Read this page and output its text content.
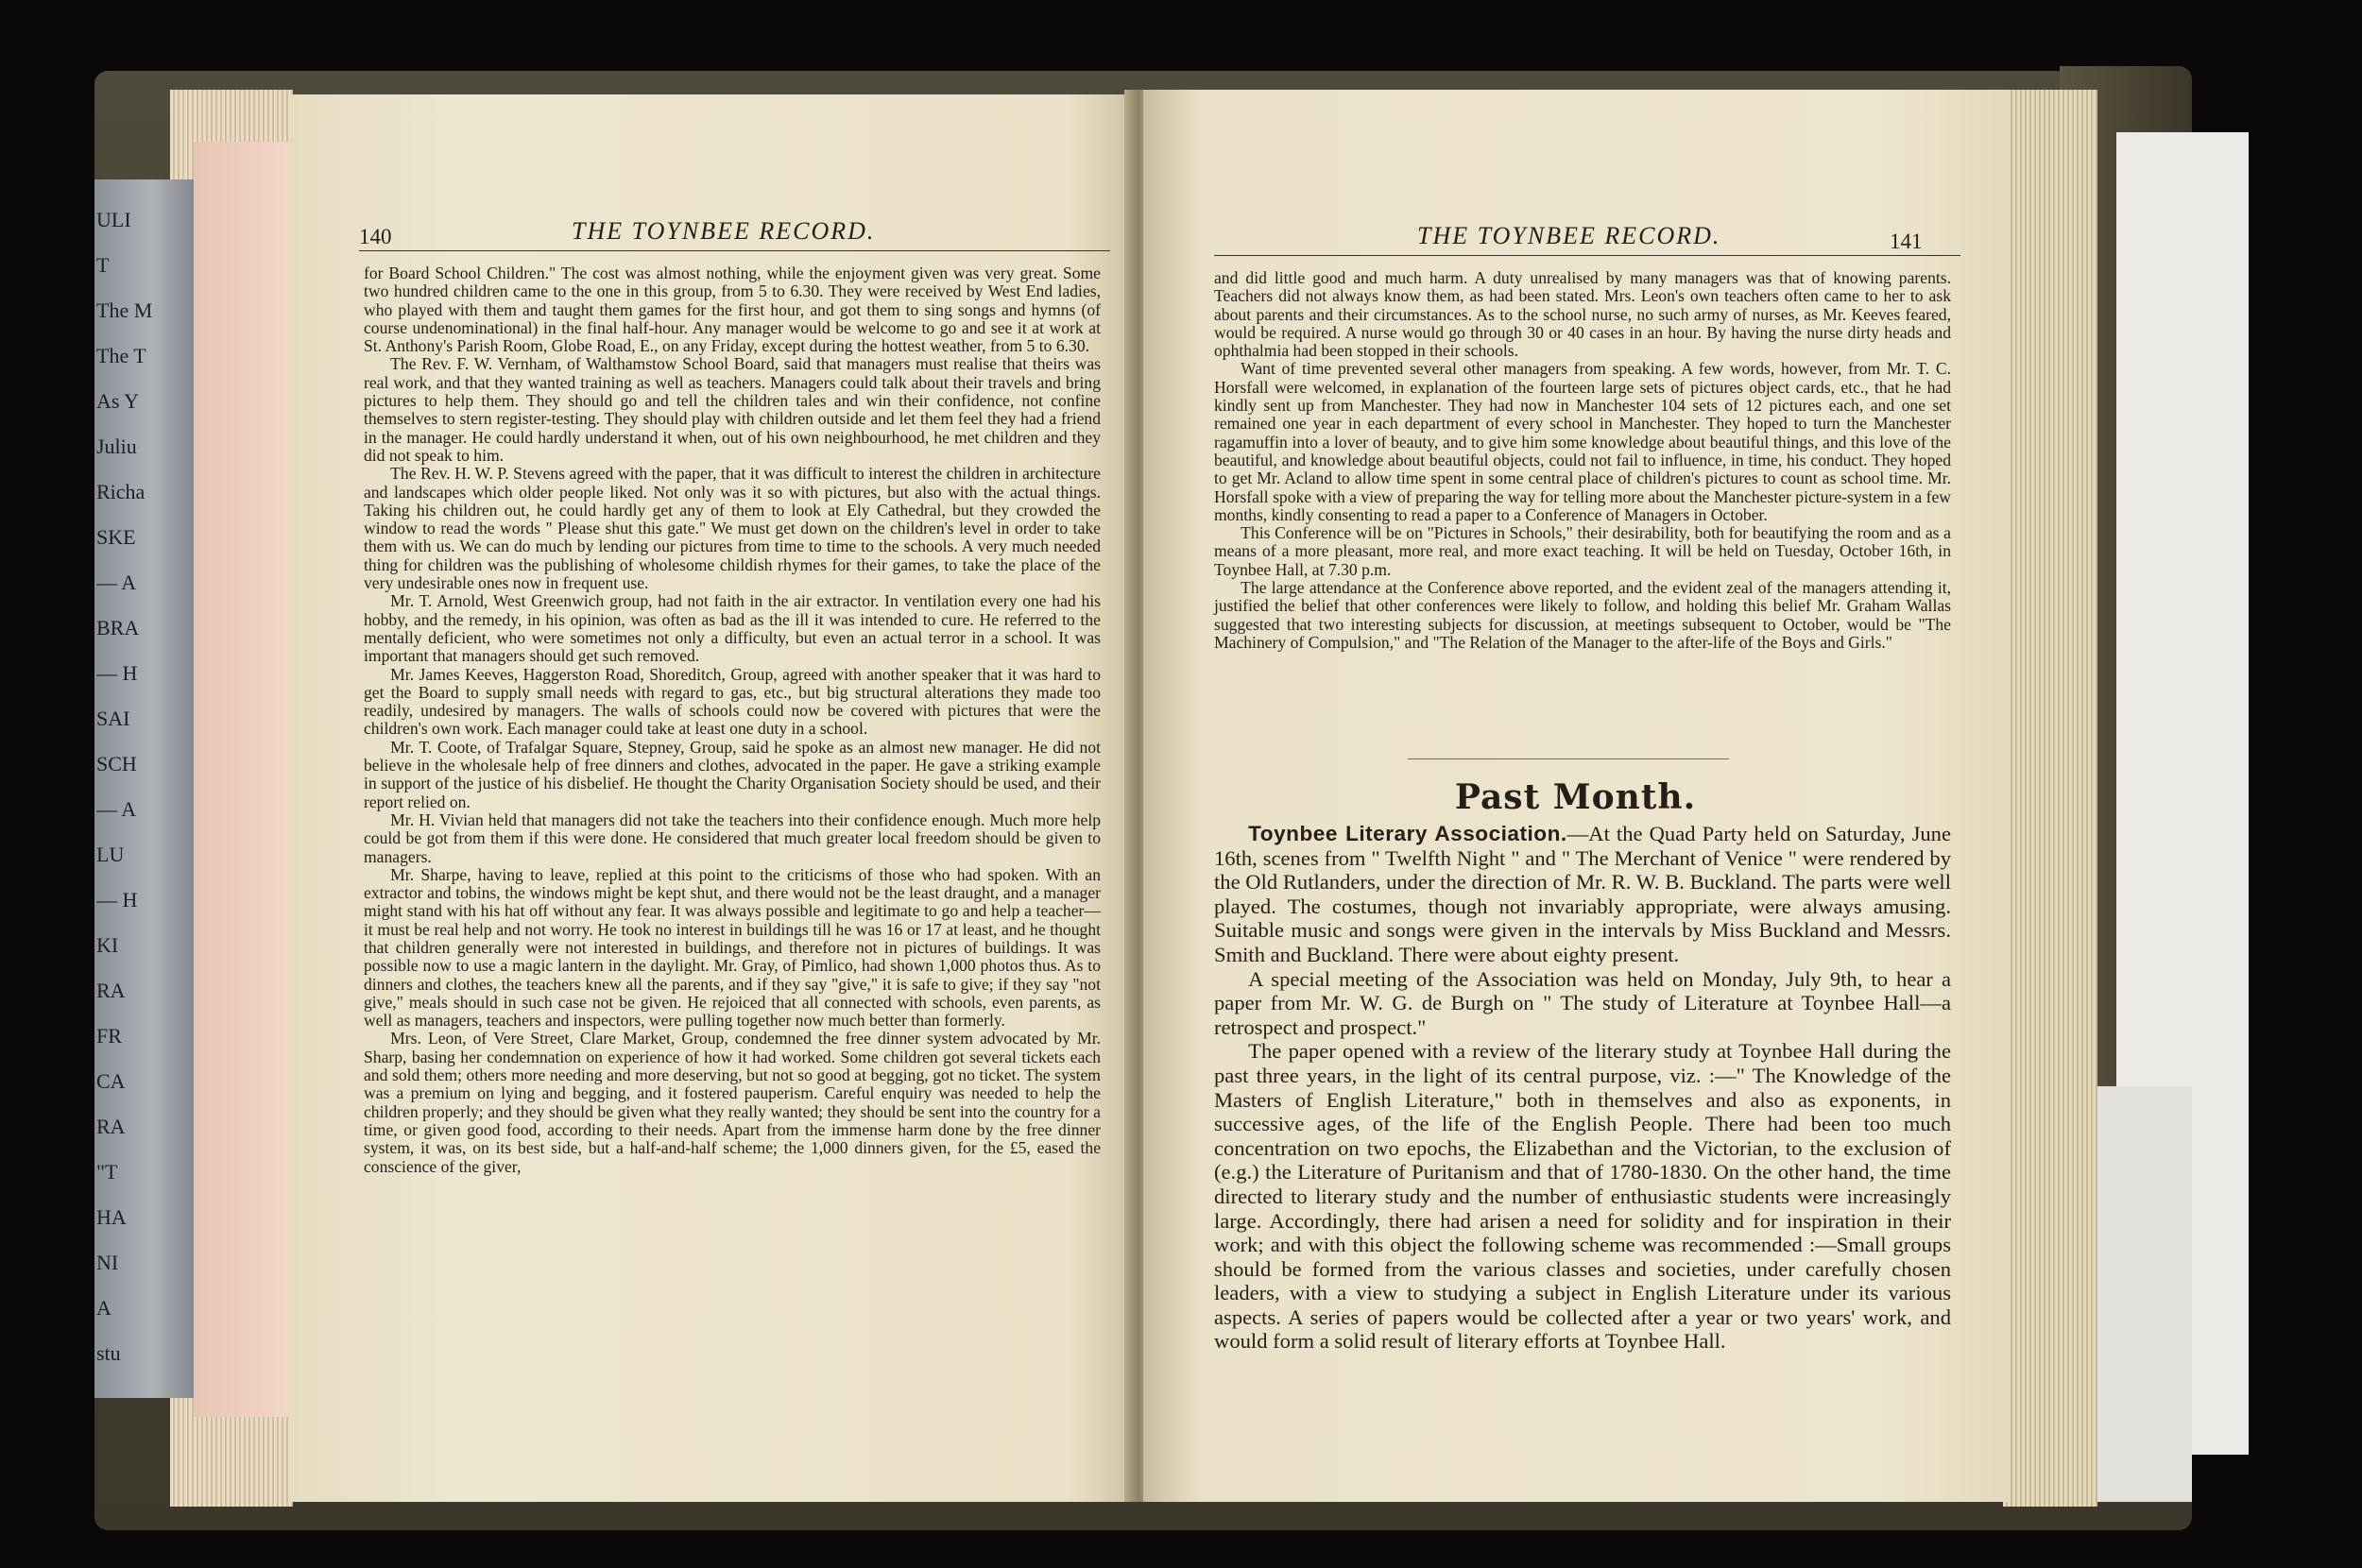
ULI
T
The M
The T
As Y
Juliu
Richa
SKE
— A
BRA
— H
SAI
SCH
— A
LU
— H
KI
RA
FR
CA
RA
"T
HA
NI
A
stu
140	THE TOYNBEE RECORD.

for Board School Children." The cost was almost nothing, while the enjoyment given was very great. Some two hundred children came to the one in this group, from 5 to 6.30. They were received by West End ladies, who played with them and taught them games for the first hour, and got them to sing songs and hymns (of course undenominational) in the final half-hour. Any manager would be welcome to go and see it at work at St. Anthony's Parish Room, Globe Road, E., on any Friday, except during the hottest weather, from 5 to 6.30.

The Rev. F. W. Vernham, of Walthamstow School Board, said that managers must realise that theirs was real work, and that they wanted training as well as teachers. Managers could talk about their travels and bring pictures to help them. They should go and tell the children tales and win their confidence, not confine themselves to stern register-testing. They should play with children outside and let them feel they had a friend in the manager. He could hardly understand it when, out of his own neighbourhood, he met children and they did not speak to him.

The Rev. H. W. P. Stevens agreed with the paper, that it was difficult to interest the children in architecture and landscapes which older people liked. Not only was it so with pictures, but also with the actual things. Taking his children out, he could hardly get any of them to look at Ely Cathedral, but they crowded the window to read the words " Please shut this gate." We must get down on the children's level in order to take them with us. We can do much by lending our pictures from time to time to the schools. A very much needed thing for children was the publishing of wholesome childish rhymes for their games, to take the place of the very undesirable ones now in frequent use.

Mr. T. Arnold, West Greenwich group, had not faith in the air extractor. In ventilation every one had his hobby, and the remedy, in his opinion, was often as bad as the ill it was intended to cure. He referred to the mentally deficient, who were sometimes not only a difficulty, but even an actual terror in a school. It was important that managers should get such removed.

Mr. James Keeves, Haggerston Road, Shoreditch, Group, agreed with another speaker that it was hard to get the Board to supply small needs with regard to gas, etc., but big structural alterations they made too readily, undesired by managers. The walls of schools could now be covered with pictures that were the children's own work. Each manager could take at least one duty in a school.

Mr. T. Coote, of Trafalgar Square, Stepney, Group, said he spoke as an almost new manager. He did not believe in the wholesale help of free dinners and clothes, advocated in the paper. He gave a striking example in support of the justice of his disbelief. He thought the Charity Organisation Society should be used, and their report relied on.

Mr. H. Vivian held that managers did not take the teachers into their confidence enough. Much more help could be got from them if this were done. He considered that much greater local freedom should be given to managers.

Mr. Sharpe, having to leave, replied at this point to the criticisms of those who had spoken. With an extractor and tobins, the windows might be kept shut, and there would not be the least draught, and a manager might stand with his hat off without any fear. It was always possible and legitimate to go and help a teacher—it must be real help and not worry. He took no interest in buildings till he was 16 or 17 at least, and he thought that children generally were not interested in buildings, and therefore not in pictures of buildings. It was possible now to use a magic lantern in the daylight. Mr. Gray, of Pimlico, had shown 1,000 photos thus. As to dinners and clothes, the teachers knew all the parents, and if they say "give," it is safe to give; if they say "not give," meals should in such case not be given. He rejoiced that all connected with schools, even parents, as well as managers, teachers and inspectors, were pulling together now much better than formerly.

Mrs. Leon, of Vere Street, Clare Market, Group, condemned the free dinner system advocated by Mr. Sharp, basing her condemnation on experience of how it had worked. Some children got several tickets each and sold them; others more needing and more deserving, but not so good at begging, got no ticket. The system was a premium on lying and begging, and it fostered pauperism. Careful enquiry was needed to help the children properly; and they should be given what they really wanted; they should be sent into the country for a time, or given good food, according to their needs. Apart from the immense harm done by the free dinner system, it was, on its best side, but a half-and-half scheme; the 1,000 dinners given, for the £5, eased the conscience of the giver,

THE TOYNBEE RECORD.	141

and did little good and much harm. A duty unrealised by many managers was that of knowing parents. Teachers did not always know them, as had been stated. Mrs. Leon's own teachers often came to her to ask about parents and their circumstances. As to the school nurse, no such army of nurses, as Mr. Keeves feared, would be required. A nurse would go through 30 or 40 cases in an hour. By having the nurse dirty heads and ophthalmia had been stopped in their schools.

Want of time prevented several other managers from speaking. A few words, however, from Mr. T. C. Horsfall were welcomed, in explanation of the fourteen large sets of pictures object cards, etc., that he had kindly sent up from Manchester. They had now in Manchester 104 sets of 12 pictures each, and one set remained one year in each department of every school in Manchester. They hoped to turn the Manchester ragamuffin into a lover of beauty, and to give him some knowledge about beautiful things, and this love of the beautiful, and knowledge about beautiful objects, could not fail to influence, in time, his conduct. They hoped to get Mr. Acland to allow time spent in some central place of children's pictures to count as school time. Mr. Horsfall spoke with a view of preparing the way for telling more about the Manchester picture-system in a few months, kindly consenting to read a paper to a Conference of Managers in October.

This Conference will be on "Pictures in Schools," their desirability, both for beautifying the room and as a means of a more pleasant, more real, and more exact teaching. It will be held on Tuesday, October 16th, in Toynbee Hall, at 7.30 p.m.

The large attendance at the Conference above reported, and the evident zeal of the managers attending it, justified the belief that other conferences were likely to follow, and holding this belief Mr. Graham Wallas suggested that two interesting subjects for discussion, at meetings subsequent to October, would be "The Machinery of Compulsion," and "The Relation of the Manager to the after-life of the Boys and Girls."

Past Month.

Toynbee Literary Association.—At the Quad Party held on Saturday, June 16th, scenes from " Twelfth Night " and " The Merchant of Venice " were rendered by the Old Rutlanders, under the direction of Mr. R. W. B. Buckland. The parts were well played. The costumes, though not invariably appropriate, were always amusing. Suitable music and songs were given in the intervals by Miss Buckland and Messrs. Smith and Buckland. There were about eighty present.

A special meeting of the Association was held on Monday, July 9th, to hear a paper from Mr. W. G. de Burgh on " The study of Literature at Toynbee Hall—a retrospect and prospect."

The paper opened with a review of the literary study at Toynbee Hall during the past three years, in the light of its central purpose, viz. :—" The Knowledge of the Masters of English Literature," both in themselves and also as exponents, in successive ages, of the life of the English People. There had been too much concentration on two epochs, the Elizabethan and the Victorian, to the exclusion of (e.g.) the Literature of Puritanism and that of 1780-1830. On the other hand, the time directed to literary study and the number of enthusiastic students were increasingly large. Accordingly, there had arisen a need for solidity and for inspiration in their work; and with this object the following scheme was recommended :—Small groups should be formed from the various classes and societies, under carefully chosen leaders, with a view to studying a subject in English Literature under its various aspects. A series of papers would be collected after a year or two years' work, and would form a solid result of literary efforts at Toynbee Hall.
